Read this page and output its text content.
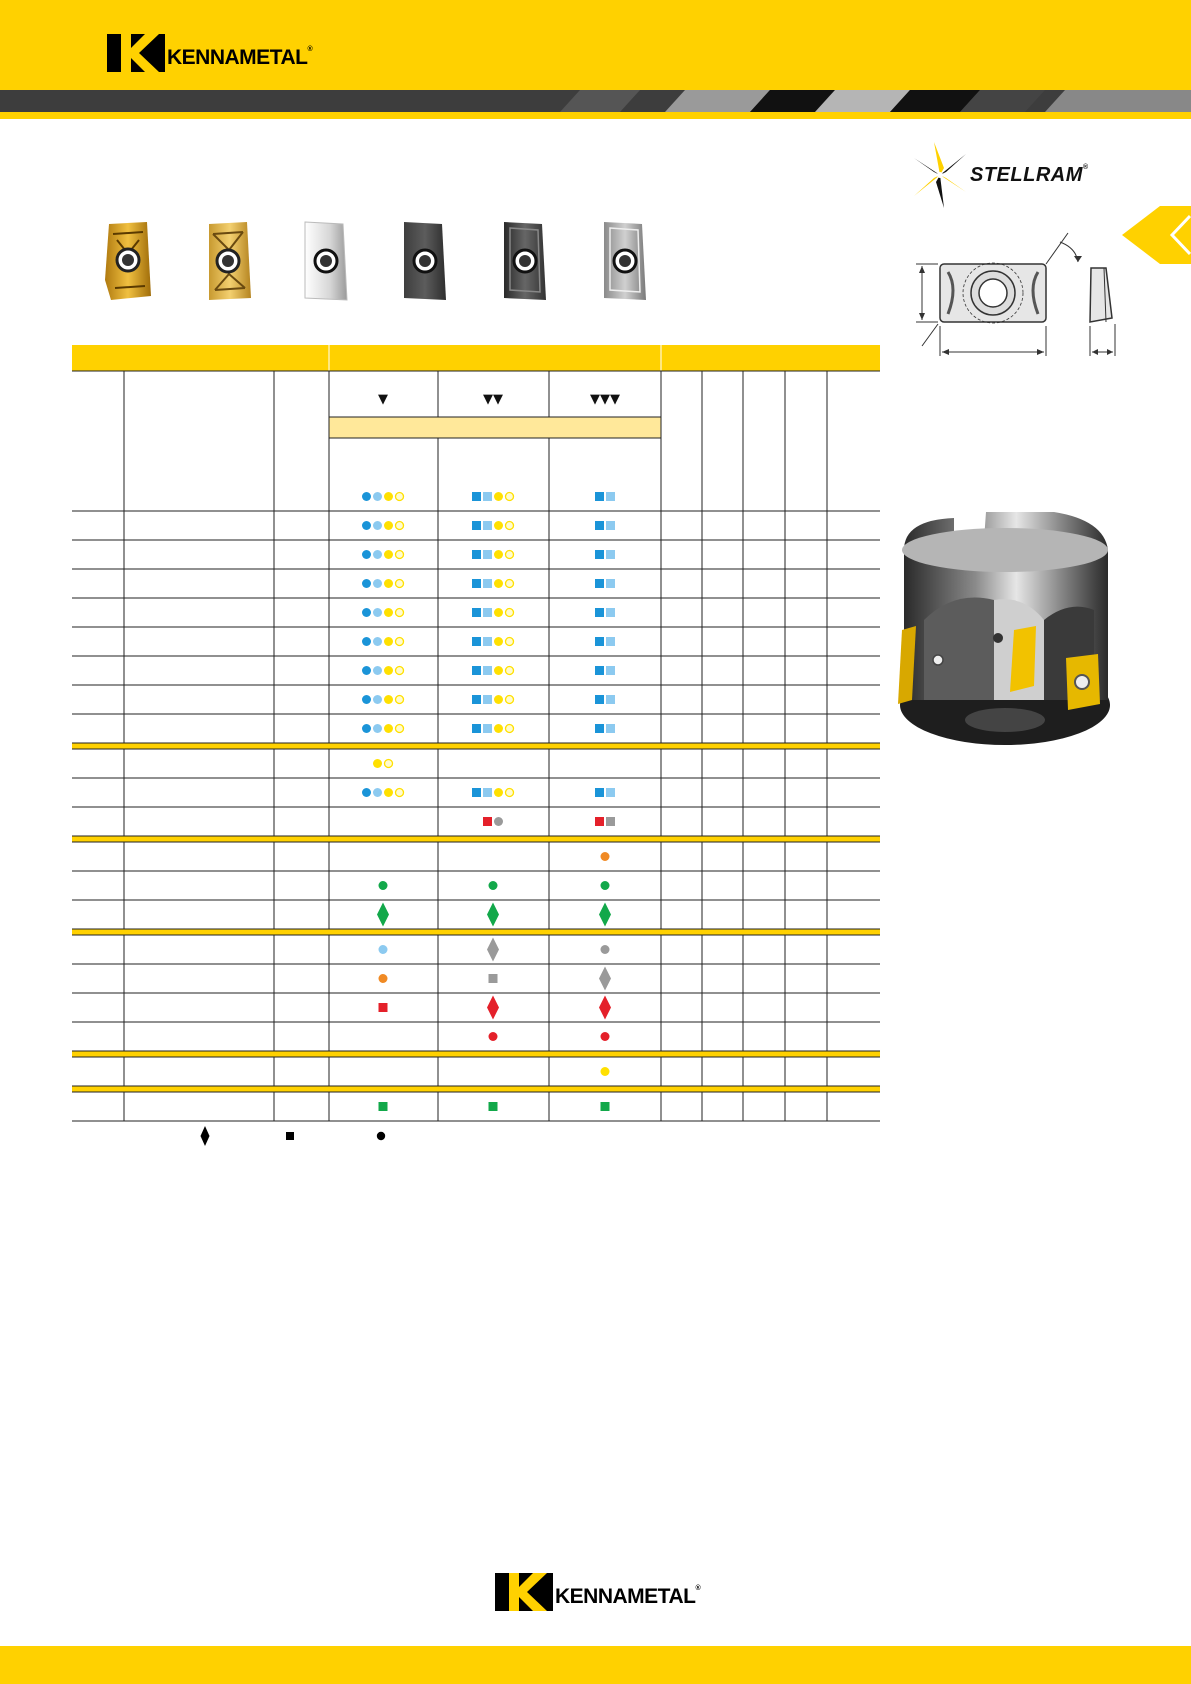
KENNAMETAL®
STELLRAM®
▼	▼▼	▼▼▼
KENNAMETAL®
